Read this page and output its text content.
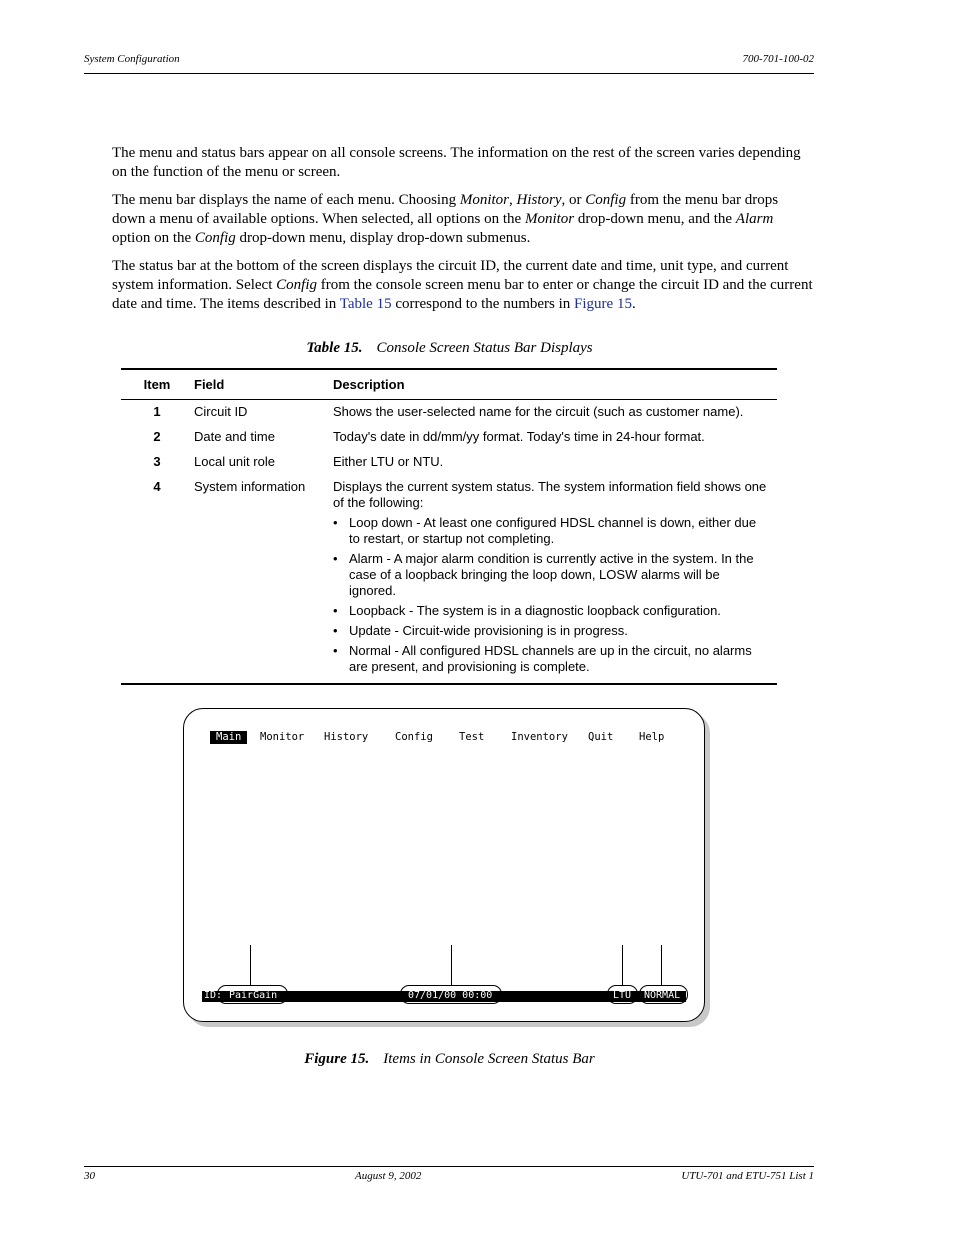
System Configuration	700-701-100-02

The menu and status bars appear on all console screens. The information on the rest of the screen varies depending on the function of the menu or screen.

The menu bar displays the name of each menu. Choosing Monitor, History, or Config from the menu bar drops down a menu of available options. When selected, all options on the Monitor drop-down menu, and the Alarm option on the Config drop-down menu, display drop-down submenus.

The status bar at the bottom of the screen displays the circuit ID, the current date and time, unit type, and current system information. Select Config from the console screen menu bar to enter or change the circuit ID and the current date and time. The items described in Table 15 correspond to the numbers in Figure 15.

Table 15. Console Screen Status Bar Displays
Item	Field	Description
1	Circuit ID	Shows the user-selected name for the circuit (such as customer name).
2	Date and time	Today's date in dd/mm/yy format. Today's time in 24-hour format.
3	Local unit role	Either LTU or NTU.
4	System information	Displays the current system status. The system information field shows one of the following:
• Loop down - At least one configured HDSL channel is down, either due to restart, or startup not completing.
• Alarm - A major alarm condition is currently active in the system. In the case of a loopback bringing the loop down, LOSW alarms will be ignored.
• Loopback - The system is in a diagnostic loopback configuration.
• Update - Circuit-wide provisioning is in progress.
• Normal - All configured HDSL channels are up in the circuit, no alarms are present, and provisioning is complete.
Main	Monitor History	Config Test	Inventory Quit Help
ID: PairGain	07/01/00 00:00	LTU NORMAL
Figure 15. Items in Console Screen Status Bar
30	August 9, 2002	UTU-701 and ETU-751 List 1
